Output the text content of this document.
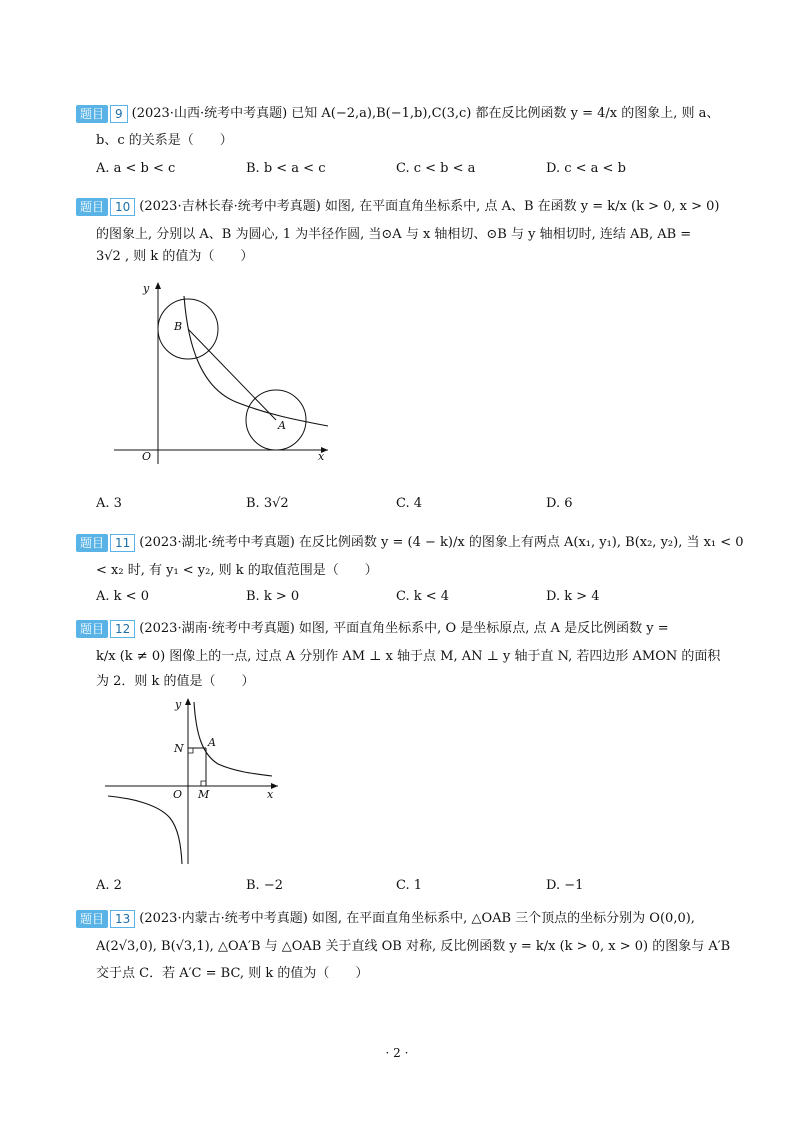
题目 9 (2023·山西·统考中考真题) 已知 A(−2,a),B(−1,b),C(3,c) 都在反比例函数 y = 4/x 的图象上, 则 a、
b、c 的关系是（　　）
A. a < b < c	B. b < a < c	C. c < b < a	D. c < a < b
题目 10 (2023·吉林长春·统考中考真题) 如图, 在平面直角坐标系中, 点 A、B 在函数 y = k/x (k > 0, x > 0)
的图象上, 分别以 A、B 为圆心, 1 为半径作圆, 当⊙A 与 x 轴相切、⊙B 与 y 轴相切时, 连结 AB, AB =
3√2 , 则 k 的值为（　　）
y
x
O
A
B
A. 3	B. 3√2	C. 4	D. 6
题目 11 (2023·湖北·统考中考真题) 在反比例函数 y = (4 − k)/x 的图象上有两点 A(x₁, y₁), B(x₂, y₂), 当 x₁ < 0
< x₂ 时, 有 y₁ < y₂, 则 k 的取值范围是（　　）
A. k < 0	B. k > 0	C. k < 4	D. k > 4
题目 12 (2023·湖南·统考中考真题) 如图, 平面直角坐标系中, O 是坐标原点, 点 A 是反比例函数 y =
k/x (k ≠ 0) 图像上的一点, 过点 A 分别作 AM ⊥ x 轴于点 M, AN ⊥ y 轴于直 N, 若四边形 AMON 的面积
为 2．则 k 的值是（　　）
y
x
O
A
N
M
A. 2	B. −2	C. 1	D. −1
题目 13 (2023·内蒙古·统考中考真题) 如图, 在平面直角坐标系中, △OAB 三个顶点的坐标分别为 O(0,0),
A(2√3,0), B(√3,1), △OA′B 与 △OAB 关于直线 OB 对称, 反比例函数 y = k/x (k > 0, x > 0) 的图象与 A′B
交于点 C．若 A′C = BC, 则 k 的值为（　　）
· 2 ·
